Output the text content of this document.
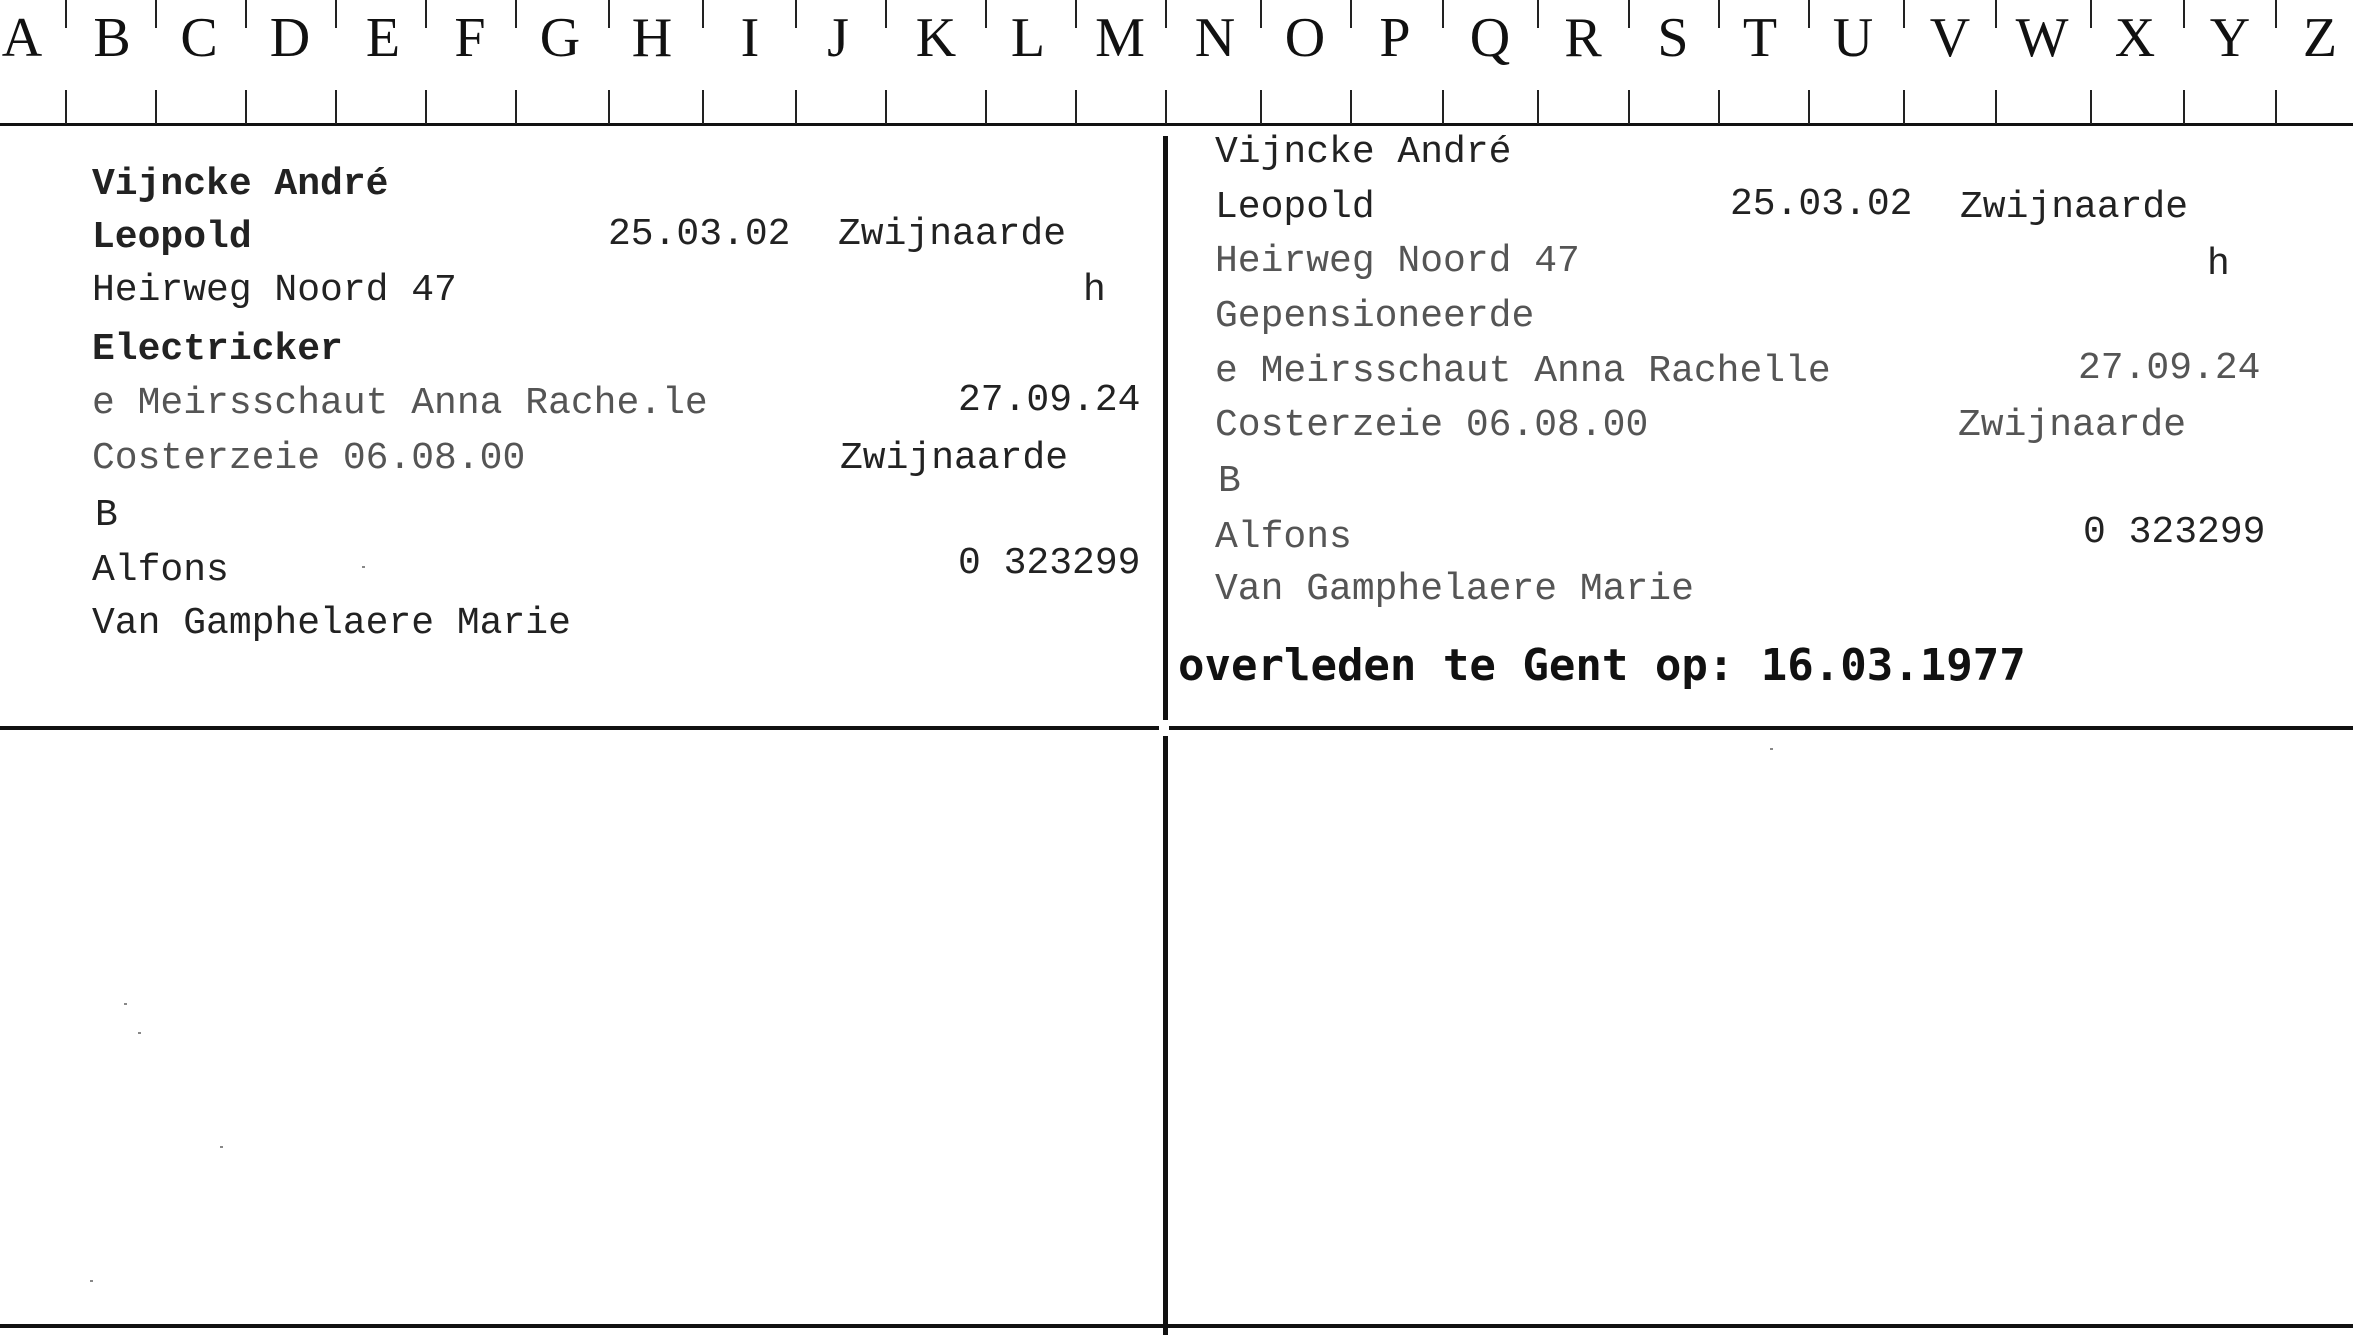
A B C D E F G H I J K L M N O P Q R S T U V W X Y Z
Vijncke André
Leopold	25.03.02 Zwijnaarde
Heirweg Noord 47	h
Electricker
e Meirsschaut Anna Rache.le	27.09.24
Costerzeie 06.08.00	Zwijnaarde
B
Alfons	0 323299
Van Gamphelaere Marie
Vijncke André
Leopold	25.03.02 Zwijnaarde
Heirweg Noord 47	h
Gepensioneerde
e Meirsschaut Anna Rachelle	27.09.24
Costerzeie 06.08.00	Zwijnaarde
B
Alfons	0 323299
Van Gamphelaere Marie
overleden te Gent op: 16.03.1977
